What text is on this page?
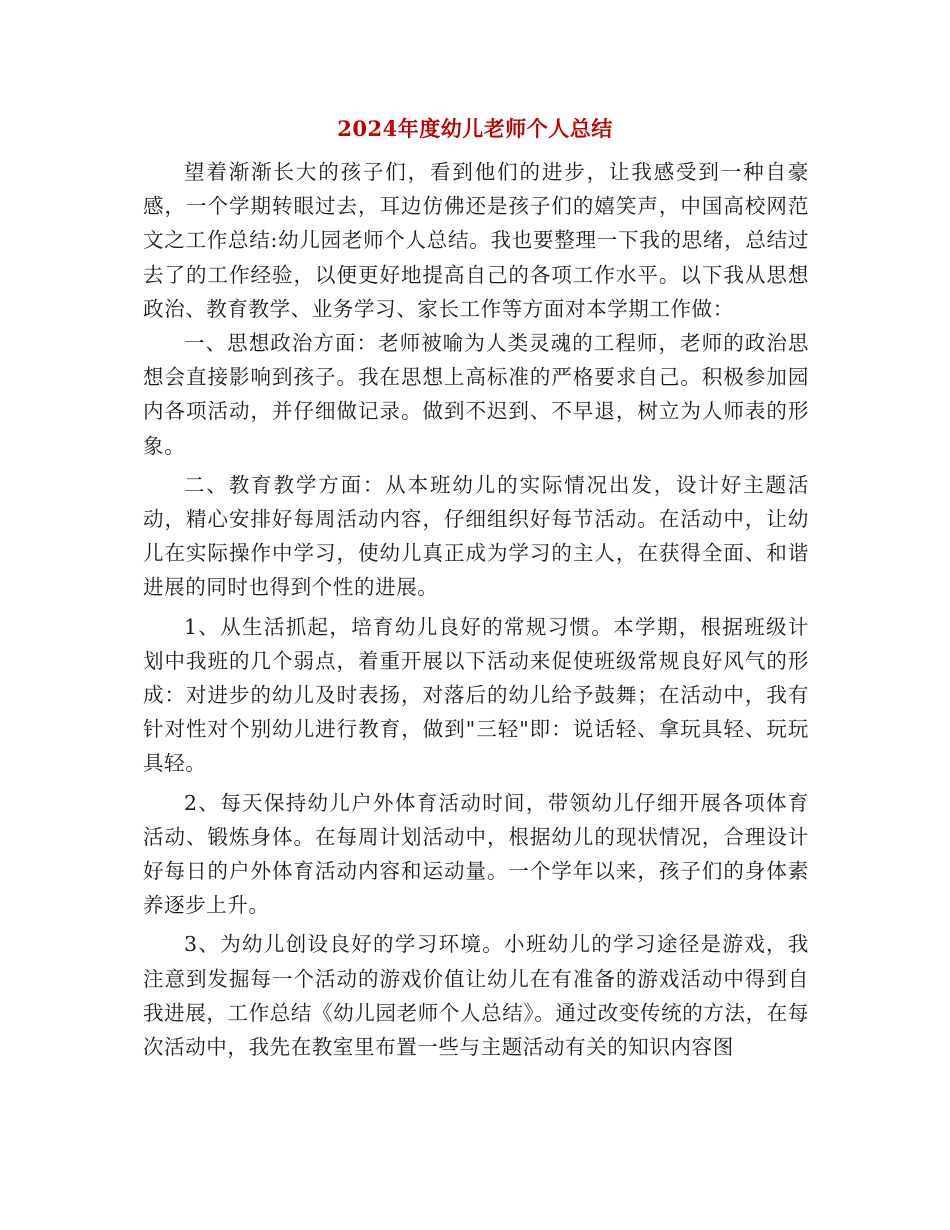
2024年度幼儿老师个人总结

望着渐渐长大的孩子们，看到他们的进步，让我感受到一种自豪感，一个学期转眼过去，耳边仿佛还是孩子们的嬉笑声，中国高校网范文之工作总结:幼儿园老师个人总结。我也要整理一下我的思绪，总结过去了的工作经验，以便更好地提高自己的各项工作水平。以下我从思想政治、教育教学、业务学习、家长工作等方面对本学期工作做：

一、思想政治方面：老师被喻为人类灵魂的工程师，老师的政治思想会直接影响到孩子。我在思想上高标准的严格要求自己。积极参加园内各项活动，并仔细做记录。做到不迟到、不早退，树立为人师表的形象。

二、教育教学方面：从本班幼儿的实际情况出发，设计好主题活动，精心安排好每周活动内容，仔细组织好每节活动。在活动中，让幼儿在实际操作中学习，使幼儿真正成为学习的主人，在获得全面、和谐进展的同时也得到个性的进展。

1、从生活抓起，培育幼儿良好的常规习惯。本学期，根据班级计划中我班的几个弱点，着重开展以下活动来促使班级常规良好风气的形成：对进步的幼儿及时表扬，对落后的幼儿给予鼓舞；在活动中，我有针对性对个别幼儿进行教育，做到"三轻"即：说话轻、拿玩具轻、玩玩具轻。

2、每天保持幼儿户外体育活动时间，带领幼儿仔细开展各项体育活动、锻炼身体。在每周计划活动中，根据幼儿的现状情况，合理设计好每日的户外体育活动内容和运动量。一个学年以来，孩子们的身体素养逐步上升。

3、为幼儿创设良好的学习环境。小班幼儿的学习途径是游戏，我注意到发掘每一个活动的游戏价值让幼儿在有准备的游戏活动中得到自我进展，工作总结《幼儿园老师个人总结》。通过改变传统的方法，在每次活动中，我先在教室里布置一些与主题活动有关的知识内容图
